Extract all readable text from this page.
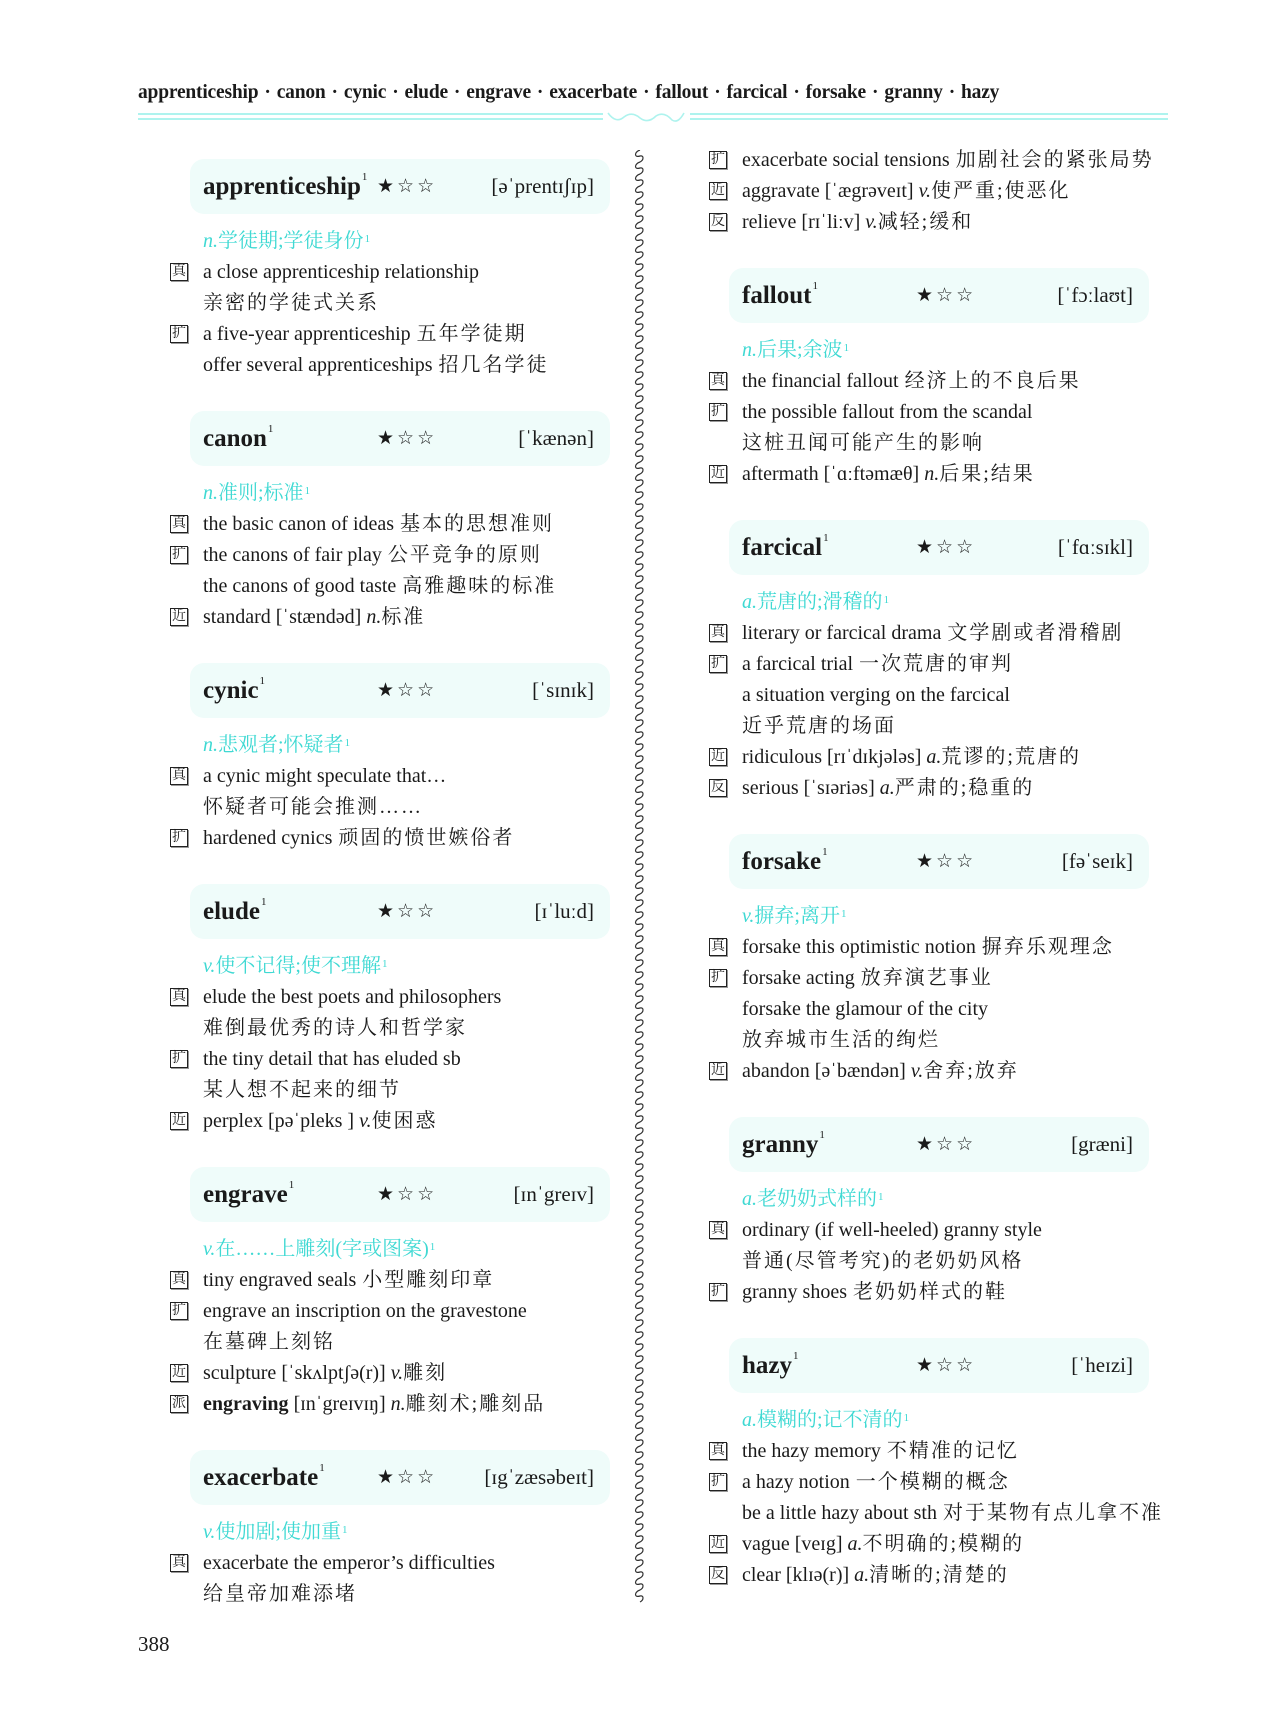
apprenticeship · canon · cynic · elude · engrave · exacerbate · fallout · farcical · forsake · granny · hazy
apprenticeship$^1$ ★☆☆	[əˈprentɪʃɪp]
n.学徒期;学徒身份$^1$
真 a close apprenticeship relationship
亲密的学徒式关系
扩 a five-year apprenticeship 五年学徒期
offer several apprenticeships 招几名学徒
canon$^1$	★☆☆	[ˈkænən]
n.准则;标准$^1$
真 the basic canon of ideas 基本的思想准则
扩 the canons of fair play 公平竞争的原则
the canons of good taste 高雅趣味的标准
近 standard [ˈstændəd] n.标准
cynic$^1$	★☆☆	[ˈsɪnɪk]
n.悲观者;怀疑者$^1$
真 a cynic might speculate that…
怀疑者可能会推测……
扩 hardened cynics 顽固的愤世嫉俗者
elude$^1$	★☆☆	[ɪˈluːd]
v.使不记得;使不理解$^1$
真 elude the best poets and philosophers
难倒最优秀的诗人和哲学家
扩 the tiny detail that has eluded sb
某人想不起来的细节
近 perplex [pəˈpleks ] v.使困惑
engrave$^1$	★☆☆	[ɪnˈgreɪv]
v.在……上雕刻(字或图案)$^1$
真 tiny engraved seals 小型雕刻印章
扩 engrave an inscription on the gravestone
在墓碑上刻铭
近 sculpture [ˈskʌlptʃə(r)] v.雕刻
派 engraving [ɪnˈgreɪvɪŋ] n.雕刻术;雕刻品
exacerbate$^1$	★☆☆ [ɪgˈzæsəbeɪt]
v.使加剧;使加重$^1$
真 exacerbate the emperor’s difficulties
给皇帝加难添堵
扩 exacerbate social tensions 加剧社会的紧张局势
近 aggravate [ˈægrəveɪt] v.使严重;使恶化
反 relieve [rɪˈliːv] v.减轻;缓和
fallout$^1$	★☆☆	[ˈfɔːlaʊt]
n.后果;余波$^1$
真 the financial fallout 经济上的不良后果
扩 the possible fallout from the scandal
这桩丑闻可能产生的影响
近 aftermath [ˈɑːftəmæθ] n.后果;结果
farcical$^1$	★☆☆	[ˈfɑːsɪkl]
a.荒唐的;滑稽的$^1$
真 literary or farcical drama 文学剧或者滑稽剧
扩 a farcical trial 一次荒唐的审判
a situation verging on the farcical
近乎荒唐的场面
近 ridiculous [rɪˈdɪkjələs] a.荒谬的;荒唐的
反 serious [ˈsɪəriəs] a.严肃的;稳重的
forsake$^1$	★☆☆	[fəˈseɪk]
v.摒弃;离开$^1$
真 forsake this optimistic notion 摒弃乐观理念
扩 forsake acting 放弃演艺事业
forsake the glamour of the city
放弃城市生活的绚烂
近 abandon [əˈbændən] v.舍弃;放弃
granny$^1$	★☆☆	[græni]
a.老奶奶式样的$^1$
真 ordinary (if well-heeled) granny style
普通(尽管考究)的老奶奶风格
扩 granny shoes 老奶奶样式的鞋
hazy$^1$	★☆☆	[ˈheɪzi]
a.模糊的;记不清的$^1$
真 the hazy memory 不精准的记忆
扩 a hazy notion 一个模糊的概念
be a little hazy about sth 对于某物有点儿拿不准
近 vague [veɪg] a.不明确的;模糊的
反 clear [klɪə(r)] a.清晰的;清楚的
388
